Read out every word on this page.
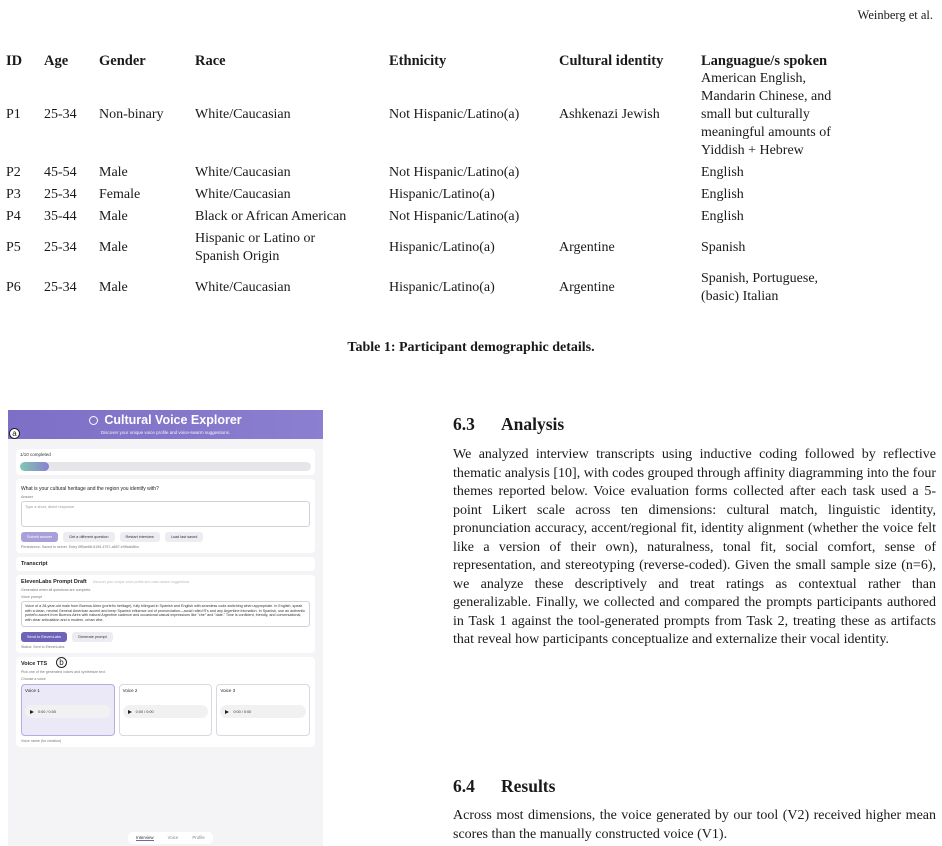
Weinberg et al.
ID	Age	Gender	Race	Ethnicity	Cultural identity	Languague/s spoken
P1	25-34	Non-binary	White/Caucasian	Not Hispanic/Latino(a)	Ashkenazi Jewish	American English,
Mandarin Chinese, and
small but culturally
meaningful amounts of
Yiddish + Hebrew
P2	45-54	Male	White/Caucasian	Not Hispanic/Latino(a)		English
P3	25-34	Female	White/Caucasian	Hispanic/Latino(a)		English
P4	35-44	Male	Black or African American	Not Hispanic/Latino(a)		English
P5	25-34	Male	Hispanic or Latino or
Spanish Origin	Hispanic/Latino(a)	Argentine	Spanish
P6	25-34	Male	White/Caucasian	Hispanic/Latino(a)	Argentine	Spanish, Portuguese,
(basic) Italian
Table 1: Participant demographic details.
Cultural Voice Explorer
Discover your unique voice profile and voice-swarm suggestions.
a
1/10 completed
What is your cultural heritage and the region you identify with?
Answer
Type a short, direct response.
Submit answer	Get a different question	Restart interview	Load last saved
Persistence: Saved to server. Entry 0ff0ae88-6159-4757-a857-e9ffcab8fcc
Transcript
ElevenLabs Prompt Draft Discover your unique voice profile and voice-swarm suggestions.
Generated when all questions are complete.
Voice prompt
Voice of a 28-year-old male from Buenos Aires (porteño heritage), fully bilingual in Spanish and English with seamless code-switching when appropriate. In English, speak with a clean, neutral General American accent and keep Spanish influence out of pronunciation—avoid rolled R's and any Argentine intonation. In Spanish, use an authentic porteño accent from Buenos Aires with natural Argentine cadence and occasional casual expressions like "che" and "dale." Tone is confident, friendly, and conversational, with clear articulation and a modern, urban vibe.
Send to ElevenLabs	Generate prompt
Status: Sent to ElevenLabs.
b
Voice TTS
Pick one of the generated voices and synthesize text.
Choose a voice
Voice 1
0:00 / 0:00
Voice 2
0:00 / 0:00
Voice 3
0:00 / 0:00
Voice name (for creation)
Interview	Voice	Profile
6.3 Analysis

We analyzed interview transcripts using inductive coding followed by reflective thematic analysis [10], with codes grouped through affinity diagramming into the four themes reported below. Voice evaluation forms collected after each task used a 5-point Likert scale across ten dimensions: cultural match, linguistic identity, pronunciation accuracy, accent/regional fit, identity alignment (whether the voice felt like a version of their own), naturalness, tonal fit, social comfort, sense of representation, and stereotyping (reverse-coded). Given the small sample size (n=6), we analyze these descriptively and treat ratings as contextual rather than generalizable. Finally, we collected and compared the prompts participants authored in Task 1 against the tool-generated prompts from Task 2, treating these as artifacts that reveal how participants conceptualize and externalize their vocal identity.

6.4 Results

Across most dimensions, the voice generated by our tool (V2) received higher mean scores than the manually constructed voice (V1).
